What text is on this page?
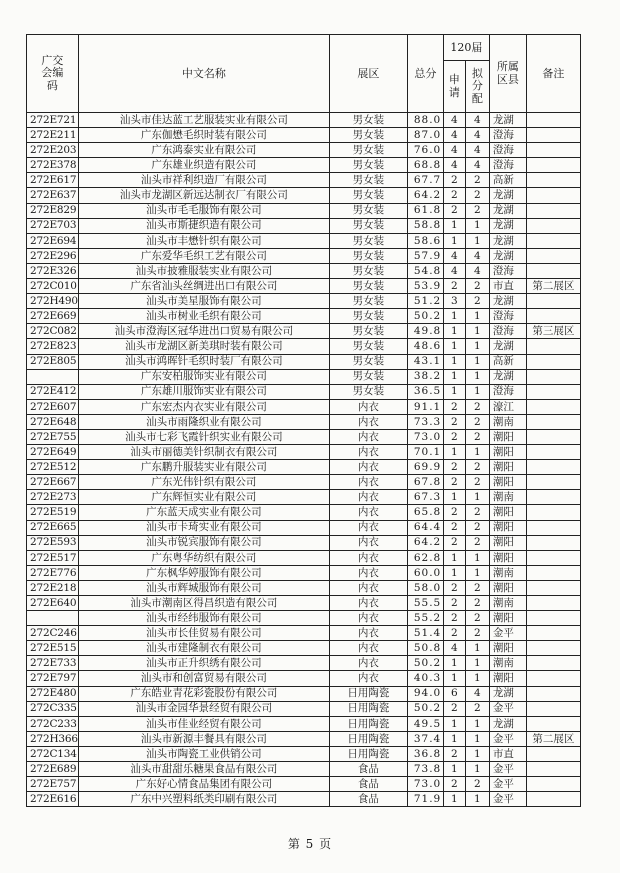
广交会编码	中文名称	展区	总分	120届		所属区县	备注
				申请	拟分配		
272E721	汕头市佳达蓝工艺服装实业有限公司	男女装	88.0	4	4	龙湖	
272E211	广东伽懋毛织时装有限公司	男女装	87.0	4	4	澄海	
272E203	广东鸿泰实业有限公司	男女装	76.0	4	4	澄海	
272E378	广东雄业织造有限公司	男女装	68.8	4	4	澄海	
272E617	汕头市祥利织造厂有限公司	男女装	67.7	2	2	高新	
272E637	汕头市龙湖区新远达制衣厂有限公司	男女装	64.2	2	2	龙湖	
272E829	汕头市毛毛服饰有限公司	男女装	61.8	2	2	龙湖	
272E703	汕头市斯捷织造有限公司	男女装	58.8	1	1	龙湖	
272E694	汕头市丰懋针织有限公司	男女装	58.6	1	1	龙湖	
272E296	广东爱华毛织工艺有限公司	男女装	57.9	4	4	龙湖	
272E326	汕头市披雅服装实业有限公司	男女装	54.8	4	4	澄海	
272C010	广东省汕头丝绸进出口有限公司	男女装	53.9	2	2	市直	第二展区
272H490	汕头市美星服饰有限公司	男女装	51.2	3	2	龙湖	
272E669	汕头市树业毛织有限公司	男女装	50.2	1	1	澄海	
272C082	汕头市澄海区冠华进出口贸易有限公司	男女装	49.8	1	1	澄海	第三展区
272E823	汕头市龙湖区新美琪时装有限公司	男女装	48.6	1	1	龙湖	
272E805	汕头市鸿晖针毛织时装厂有限公司	男女装	43.1	1	1	高新	
	广东安柏服饰实业有限公司	男女装	38.2	1	1	龙湖	
272E412	广东雄川服饰实业有限公司	男女装	36.5	1	1	澄海	
272E607	广东宏杰内衣实业有限公司	内衣	91.1	2	2	濠江	
272E648	汕头市雨隆织业有限公司	内衣	73.3	2	2	潮南	
272E755	汕头市七彩飞霞针织实业有限公司	内衣	73.0	2	2	潮阳	
272E649	汕头市丽德美针织制衣有限公司	内衣	70.1	1	1	潮阳	
272E512	广东鹏升服装实业有限公司	内衣	69.9	2	2	潮阳	
272E667	广东光伟针织有限公司	内衣	67.8	2	2	潮阳	
272E273	广东辉恒实业有限公司	内衣	67.3	1	1	潮南	
272E519	广东蓝天成实业有限公司	内衣	65.8	2	2	潮阳	
272E665	汕头市卡琦实业有限公司	内衣	64.4	2	2	潮阳	
272E593	汕头市锐宾服饰有限公司	内衣	64.2	2	2	潮阳	
272E517	广东粤华纺织有限公司	内衣	62.8	1	1	潮阳	
272E776	广东枫华婷服饰有限公司	内衣	60.0	1	1	潮南	
272E218	汕头市辉城服饰有限公司	内衣	58.0	2	2	潮阳	
272E640	汕头市潮南区得昌织造有限公司	内衣	55.5	2	2	潮南	
	汕头市经纬服饰有限公司	内衣	55.2	2	2	潮阳	
272C246	汕头市长佳贸易有限公司	内衣	51.4	2	2	金平	
272E515	汕头市建隆制衣有限公司	内衣	50.8	4	1	潮阳	
272E733	汕头市正升织绣有限公司	内衣	50.2	1	1	潮南	
272E797	汕头市和创富贸易有限公司	内衣	40.3	1	1	潮阳	
272E480	广东皓业青花彩瓷股份有限公司	日用陶瓷	94.0	6	4	龙湖	
272C335	汕头市金园华景经贸有限公司	日用陶瓷	50.2	2	2	金平	
272C233	汕头市佳业经贸有限公司	日用陶瓷	49.5	1	1	龙湖	
272H366	汕头市新源丰餐具有限公司	日用陶瓷	37.4	1	1	金平	第二展区
272C134	汕头市陶瓷工业供销公司	日用陶瓷	36.8	2	1	市直	
272E689	汕头市甜甜乐糖果食品有限公司	食品	73.8	1	1	金平	
272E757	广东好心情食品集团有限公司	食品	73.0	2	2	金平	
272E616	广东中兴塑料纸类印刷有限公司	食品	71.9	1	1	金平	
第 5 页
